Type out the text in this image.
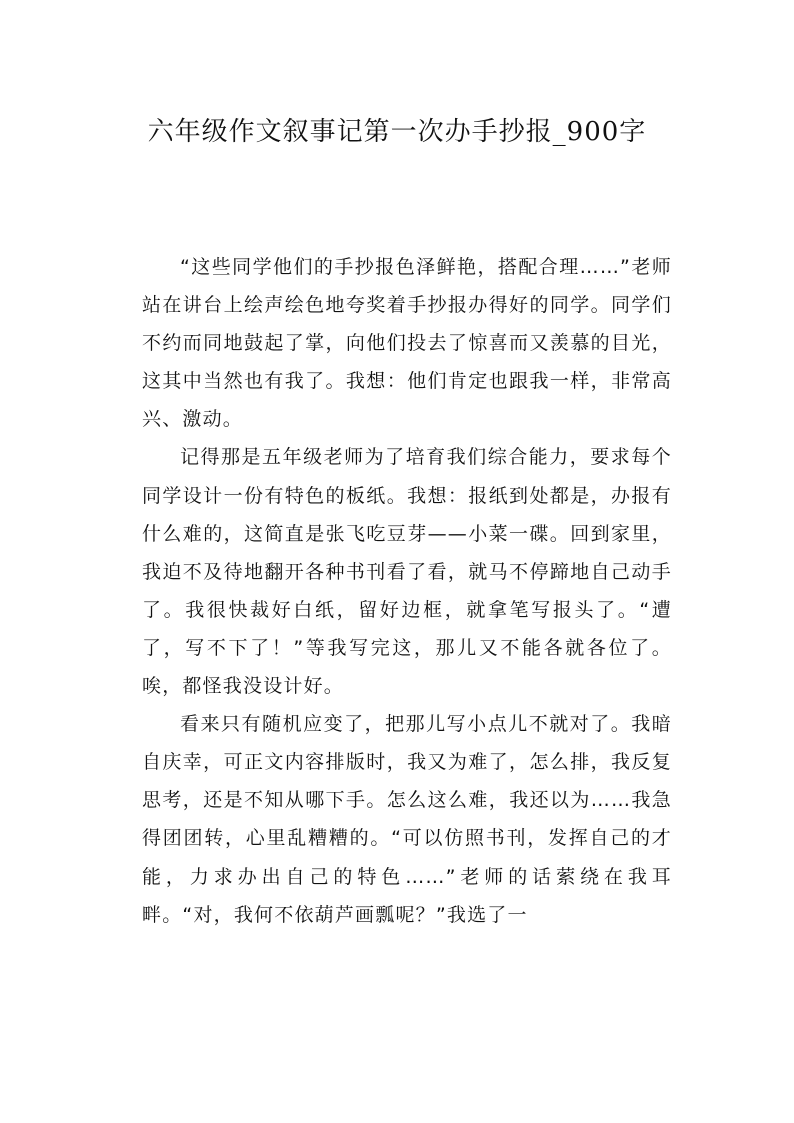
六年级作文叙事记第一次办手抄报_900字

“这些同学他们的手抄报色泽鲜艳，搭配合理……”老师站在讲台上绘声绘色地夸奖着手抄报办得好的同学。同学们不约而同地鼓起了掌，向他们投去了惊喜而又羡慕的目光，这其中当然也有我了。我想：他们肯定也跟我一样，非常高兴、激动。

记得那是五年级老师为了培育我们综合能力，要求每个同学设计一份有特色的板纸。我想：报纸到处都是，办报有什么难的，这简直是张飞吃豆芽——小菜一碟。回到家里，我迫不及待地翻开各种书刊看了看，就马不停蹄地自己动手了。我很快裁好白纸，留好边框，就拿笔写报头了。“遭了，写不下了！”等我写完这，那儿又不能各就各位了。唉，都怪我没设计好。

看来只有随机应变了，把那儿写小点儿不就对了。我暗自庆幸，可正文内容排版时，我又为难了，怎么排，我反复思考，还是不知从哪下手。怎么这么难，我还以为……我急得团团转，心里乱糟糟的。“可以仿照书刊，发挥自己的才能，力求办出自己的特色……”老师的话萦绕在我耳畔。“对，我何不依葫芦画瓢呢？”我选了一
